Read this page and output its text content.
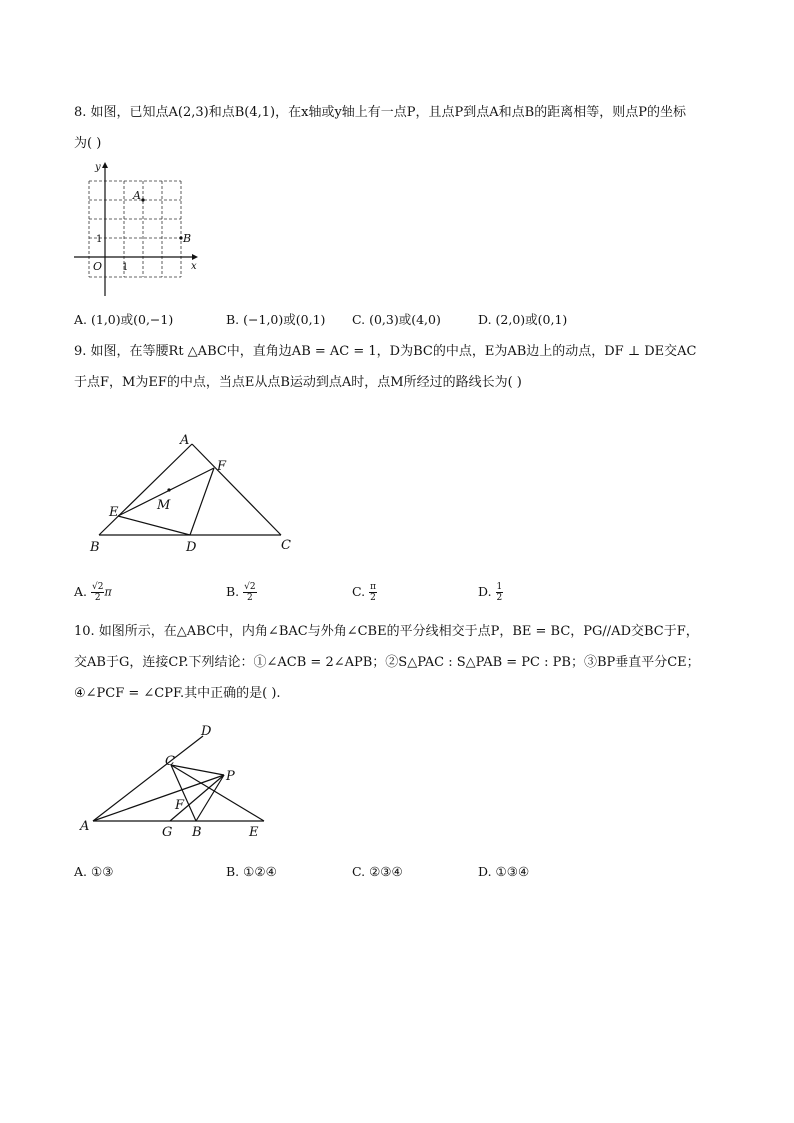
8. 如图，已知点A(2,3)和点B(4,1)，在x轴或y轴上有一点P，且点P到点A和点B的距离相等，则点P的坐标
为( )
y
x
O 1
1
A
B
A. (1,0)或(0,−1)	B. (−1,0)或(0,1) C. (0,3)或(4,0)	D. (2,0)或(0,1)
9. 如图，在等腰Rt △ABC中，直角边AB = AC = 1，D为BC的中点，E为AB边上的动点，DF ⊥ DE交AC
于点F，M为EF的中点，当点E从点B运动到点A时，点M所经过的路线长为( )
A
F
M
E
B	D	C
A. $\frac{√2}{2}$ π	B. $\frac{√2}{2}$	C. $\frac{\pi}{2}$	D. $\frac{1}{2}$
10. 如图所示，在△ABC中，内角∠BAC与外角∠CBE的平分线相交于点P，BE = BC，PG//AD交BC于F，
交AB于G，连接CP.下列结论：①∠ACB = 2∠APB；②S△PAC : S△PAB = PC : PB；③BP垂直平分CE；
④∠PCF = ∠CPF.其中正确的是( ).
D
C
P
F
A	G B	E
A. ①③	B. ①②④	C. ②③④	D. ①③④
